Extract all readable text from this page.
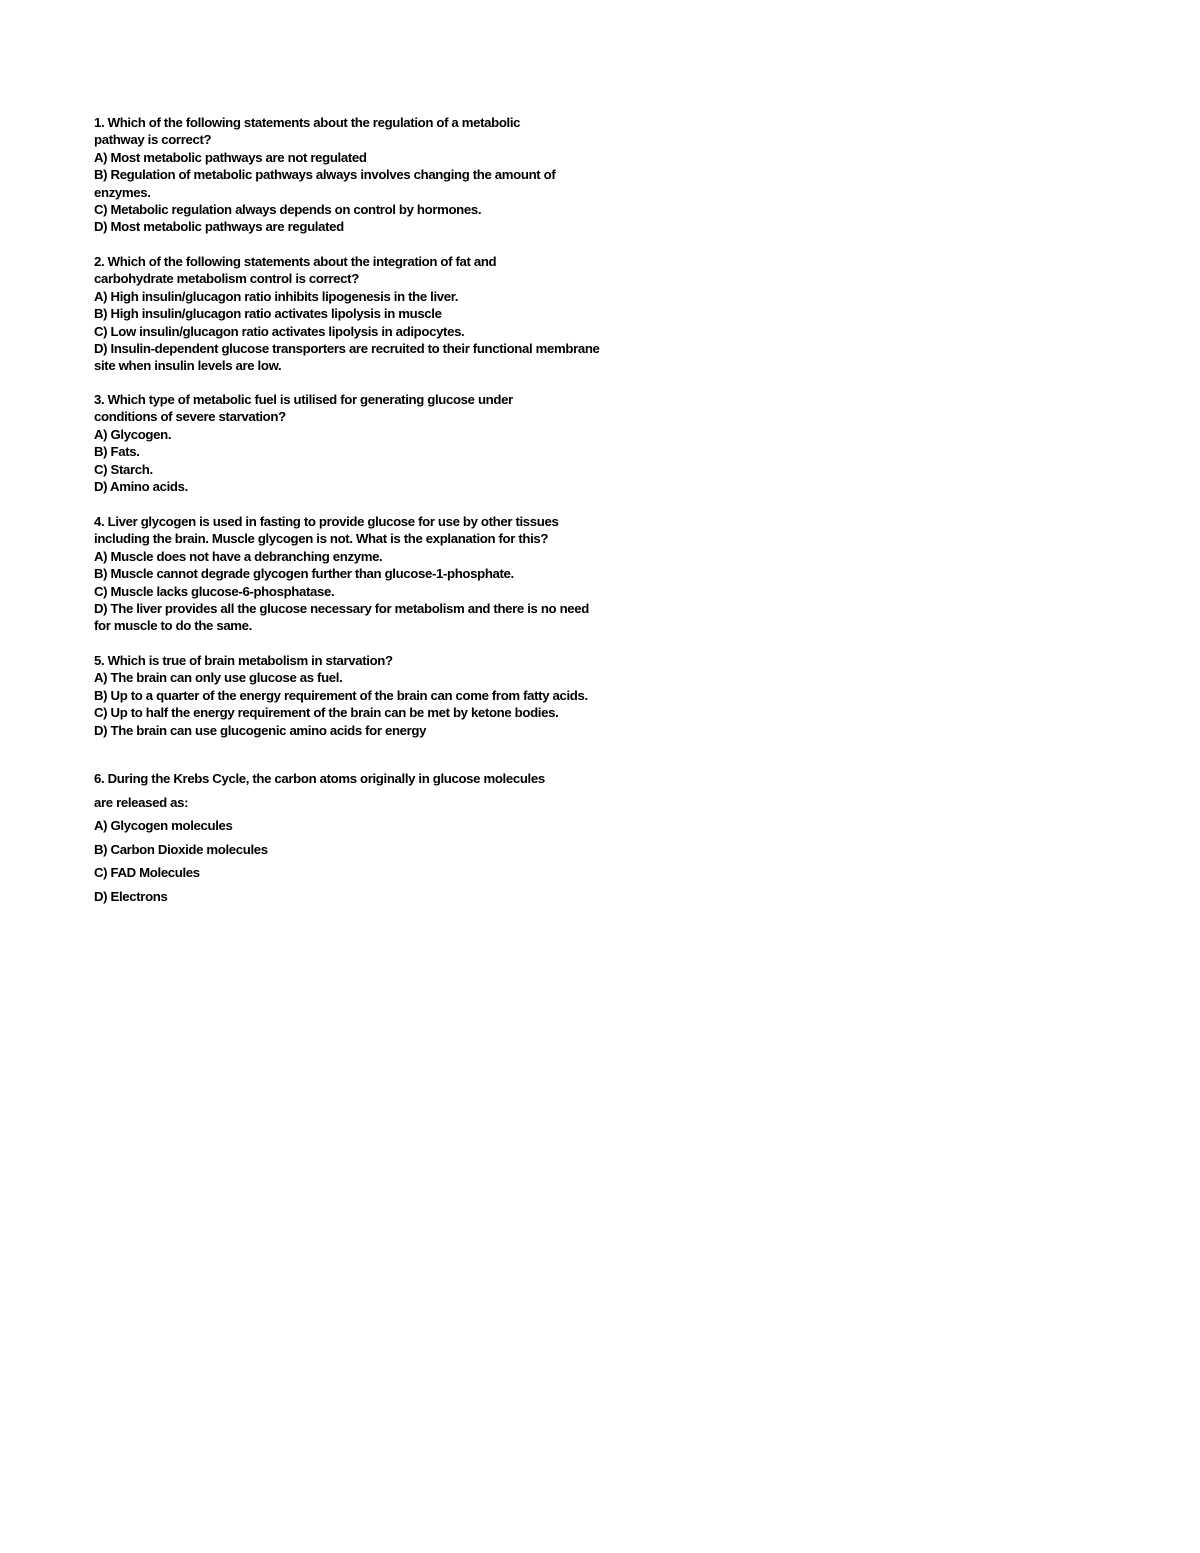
1. Which of the following statements about the regulation of a metabolic
pathway is correct?
A) Most metabolic pathways are not regulated
B) Regulation of metabolic pathways always involves changing the amount of
enzymes.
C) Metabolic regulation always depends on control by hormones.
D) Most metabolic pathways are regulated
2. Which of the following statements about the integration of fat and
carbohydrate metabolism control is correct?
A) High insulin/glucagon ratio inhibits lipogenesis in the liver.
B) High insulin/glucagon ratio activates lipolysis in muscle
C) Low insulin/glucagon ratio activates lipolysis in adipocytes.
D) Insulin-dependent glucose transporters are recruited to their functional membrane
site when insulin levels are low.
3. Which type of metabolic fuel is utilised for generating glucose under
conditions of severe starvation?
A) Glycogen.
B) Fats.
C) Starch.
D) Amino acids.
4. Liver glycogen is used in fasting to provide glucose for use by other tissues
including the brain. Muscle glycogen is not. What is the explanation for this?
A) Muscle does not have a debranching enzyme.
B) Muscle cannot degrade glycogen further than glucose-1-phosphate.
C) Muscle lacks glucose-6-phosphatase.
D) The liver provides all the glucose necessary for metabolism and there is no need
for muscle to do the same.
5. Which is true of brain metabolism in starvation?
A) The brain can only use glucose as fuel.
B) Up to a quarter of the energy requirement of the brain can come from fatty acids.
C) Up to half the energy requirement of the brain can be met by ketone bodies.
D) The brain can use glucogenic amino acids for energy
6. During the Krebs Cycle, the carbon atoms originally in glucose molecules
are released as:
A) Glycogen molecules
B) Carbon Dioxide molecules
C) FAD Molecules
D) Electrons
